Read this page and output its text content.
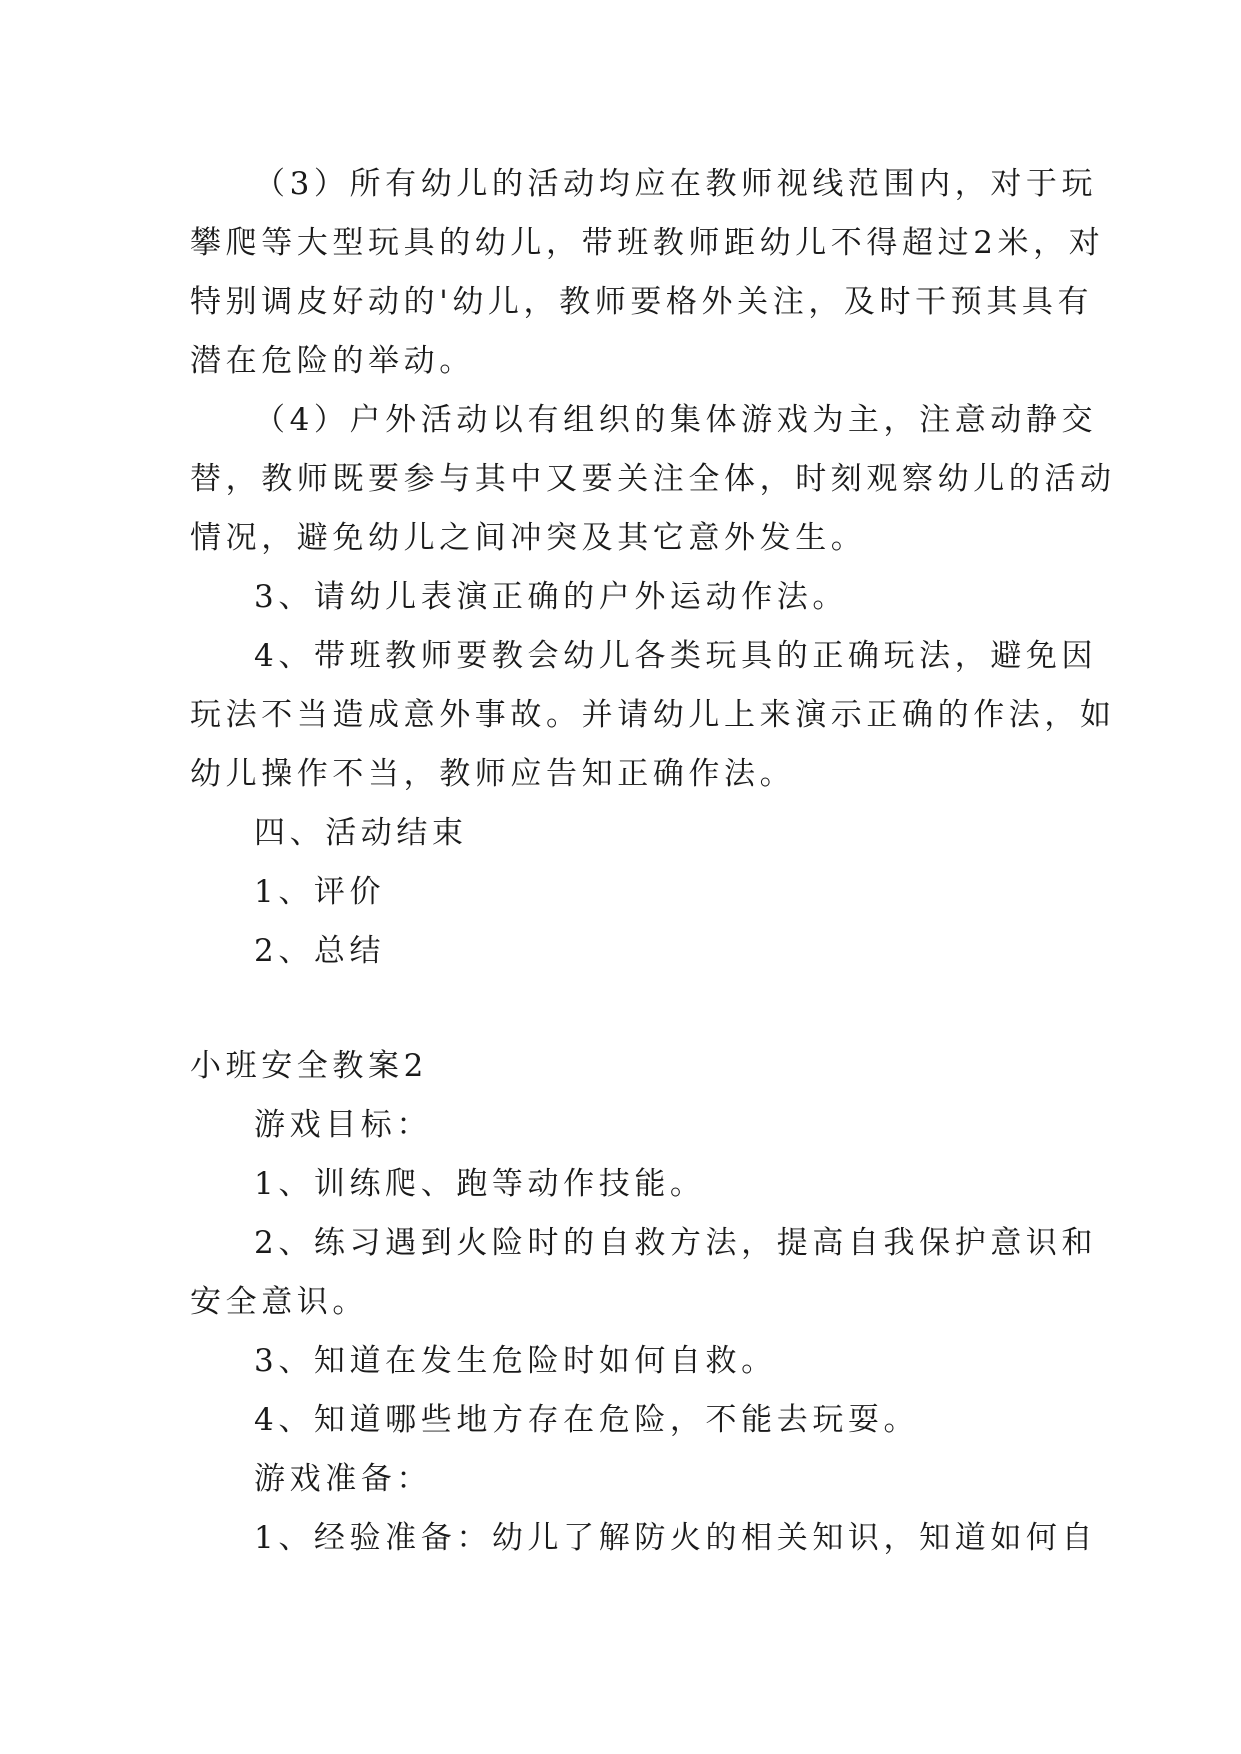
（3）所有幼儿的活动均应在教师视线范围内，对于玩

攀爬等大型玩具的幼儿，带班教师距幼儿不得超过2米，对

特别调皮好动的'幼儿，教师要格外关注，及时干预其具有

潜在危险的举动。

（4）户外活动以有组织的集体游戏为主，注意动静交

替，教师既要参与其中又要关注全体，时刻观察幼儿的活动

情况，避免幼儿之间冲突及其它意外发生。

3、请幼儿表演正确的户外运动作法。

4、带班教师要教会幼儿各类玩具的正确玩法，避免因

玩法不当造成意外事故。并请幼儿上来演示正确的作法，如

幼儿操作不当，教师应告知正确作法。

四、活动结束

1、评价

2、总结

小班安全教案2

游戏目标：

1、训练爬、跑等动作技能。

2、练习遇到火险时的自救方法，提高自我保护意识和

安全意识。

3、知道在发生危险时如何自救。

4、知道哪些地方存在危险，不能去玩耍。

游戏准备：

1、经验准备：幼儿了解防火的相关知识，知道如何自
